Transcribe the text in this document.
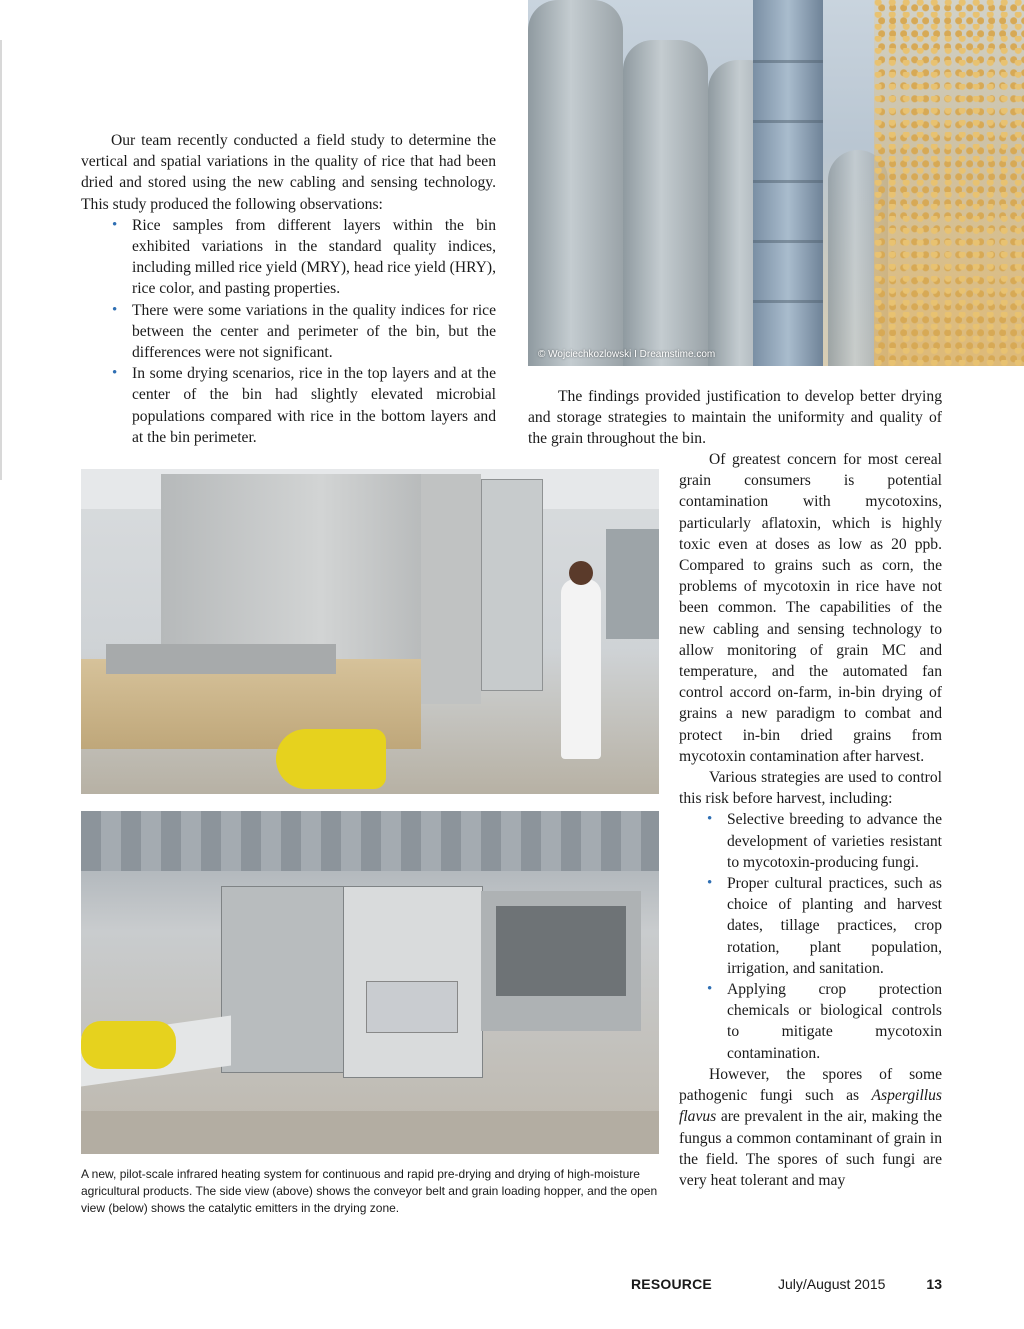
Our team recently conducted a field study to determine the vertical and spatial variations in the quality of rice that had been dried and stored using the new cabling and sensing technology. This study produced the following observations:

• Rice samples from different layers within the bin exhibited variations in the standard quality indices, including milled rice yield (MRY), head rice yield (HRY), rice color, and pasting properties.
• There were some variations in the quality indices for rice between the center and perimeter of the bin, but the differences were not significant.
• In some drying scenarios, rice in the top layers and at the center of the bin had slightly elevated microbial populations compared with rice in the bottom layers and at the bin perimeter.
© Wojciechkozlowski I Dreamstime.com

The findings provided justification to develop better drying and storage strategies to maintain the uniformity and quality of the grain throughout the bin.

Of greatest concern for most cereal grain consumers is potential contamination with mycotoxins, particularly aflatoxin, which is highly toxic even at doses as low as 20 ppb. Compared to grains such as corn, the problems of mycotoxin in rice have not been common. The capabilities of the new cabling and sensing technology to allow monitoring of grain MC and temperature, and the automated fan control accord on-farm, in-bin drying of grains a new paradigm to combat and protect in-bin dried grains from mycotoxin contamination after harvest.

Various strategies are used to control this risk before harvest, including:

• Selective breeding to advance the development of varieties resistant to mycotoxin-producing fungi.
• Proper cultural practices, such as choice of planting and harvest dates, tillage practices, crop rotation, plant population, irrigation, and sanitation.
• Applying crop protection chemicals or biological controls to mitigate mycotoxin contamination.

However, the spores of some pathogenic fungi such as Aspergillus flavus are prevalent in the air, making the fungus a common contaminant of grain in the field. The spores of such fungi are very heat tolerant and may

A new, pilot-scale infrared heating system for continuous and rapid pre-drying and drying of high-moisture agricultural products. The side view (above) shows the conveyor belt and grain loading hopper, and the open view (below) shows the catalytic emitters in the drying zone.

RESOURCE	July/August 2015	13
